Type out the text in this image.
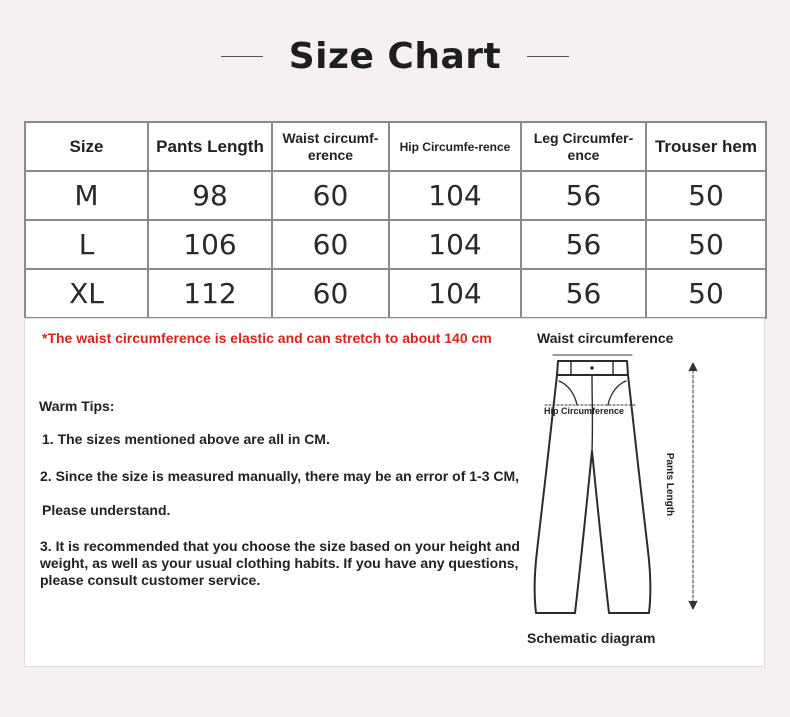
Size Chart
Size	Pants Length	Waist circumf-erence	Hip Circumfe-rence	Leg Circumfer-ence	Trouser hem
M	98	60	104	56	50
L	106	60	104	56	50
XL	112	60	104	56	50
*The waist circumference is elastic and can stretch to about 140 cm
Warm Tips:
1. The sizes mentioned above are all in CM.
2. Since the size is measured manually, there may be an error of 1-3 CM,
Please understand.
3. It is recommended that you choose the size based on your height and weight, as well as your usual clothing habits. If you have any questions, please consult customer service.
Waist circumference
Hip Circumference
Pants Length
Schematic diagram
